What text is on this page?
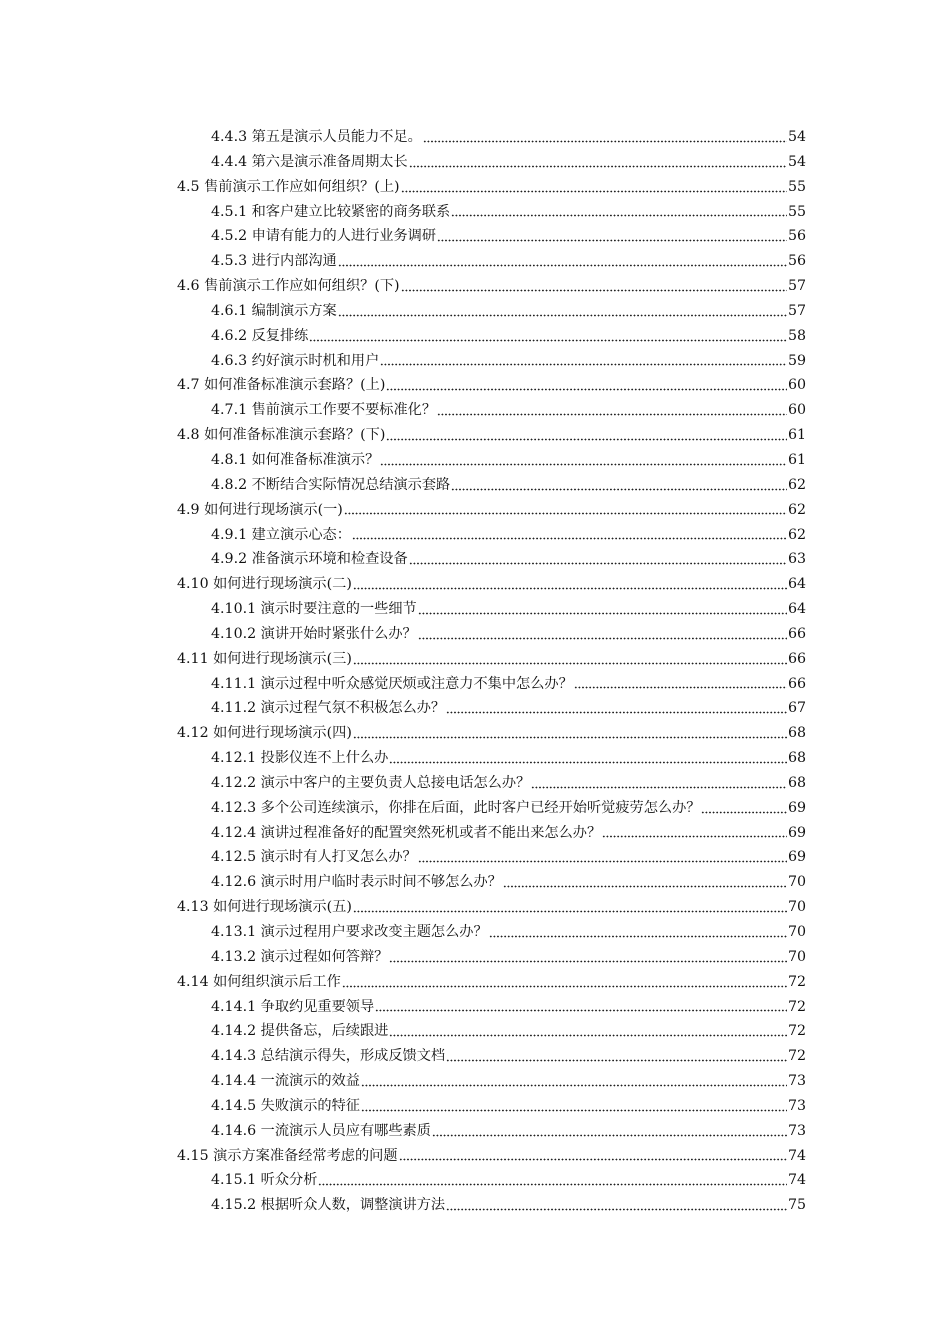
4.4.3 第五是演示人员能力不足。	54
4.4.4 第六是演示准备周期太长	54
4.5 售前演示工作应如何组织？(上)	55
4.5.1 和客户建立比较紧密的商务联系	55
4.5.2 申请有能力的人进行业务调研	56
4.5.3 进行内部沟通	56
4.6 售前演示工作应如何组织？(下)	57
4.6.1 编制演示方案	57
4.6.2 反复排练	58
4.6.3 约好演示时机和用户	59
4.7 如何准备标准演示套路？(上)	60
4.7.1 售前演示工作要不要标准化？	60
4.8 如何准备标准演示套路？(下)	61
4.8.1 如何准备标准演示？	61
4.8.2 不断结合实际情况总结演示套路	62
4.9 如何进行现场演示(一)	62
4.9.1 建立演示心态：	62
4.9.2 准备演示环境和检查设备	63
4.10 如何进行现场演示(二)	64
4.10.1 演示时要注意的一些细节	64
4.10.2 演讲开始时紧张什么办？	66
4.11 如何进行现场演示(三)	66
4.11.1 演示过程中听众感觉厌烦或注意力不集中怎么办？	66
4.11.2 演示过程气氛不积极怎么办？	67
4.12 如何进行现场演示(四)	68
4.12.1 投影仪连不上什么办	68
4.12.2 演示中客户的主要负责人总接电话怎么办？	68
4.12.3 多个公司连续演示，你排在后面，此时客户已经开始听觉疲劳怎么办？	69
4.12.4 演讲过程准备好的配置突然死机或者不能出来怎么办？	69
4.12.5 演示时有人打叉怎么办？	69
4.12.6 演示时用户临时表示时间不够怎么办？	70
4.13 如何进行现场演示(五)	70
4.13.1 演示过程用户要求改变主题怎么办？	70
4.13.2 演示过程如何答辩？	70
4.14 如何组织演示后工作	72
4.14.1 争取约见重要领导	72
4.14.2 提供备忘，后续跟进	72
4.14.3 总结演示得失，形成反馈文档	72
4.14.4 一流演示的效益	73
4.14.5 失败演示的特征	73
4.14.6 一流演示人员应有哪些素质	73
4.15 演示方案准备经常考虑的问题	74
4.15.1 听众分析	74
4.15.2 根据听众人数，调整演讲方法	75
